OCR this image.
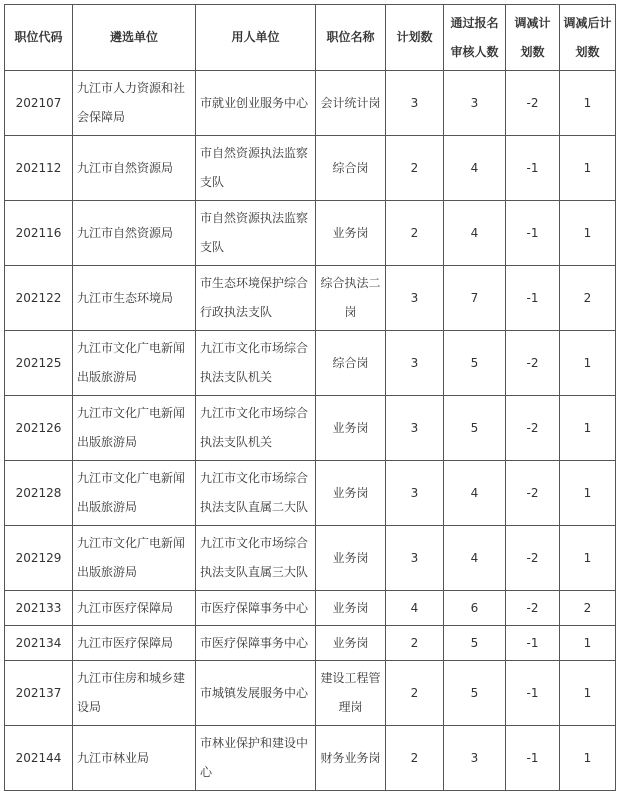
职位代码	遴选单位	用人单位	职位名称	计划数	通过报名审核人数	调减计划数	调减后计划数
202107	九江市人力资源和社会保障局	市就业创业服务中心	会计统计岗	3	3	-2	1
202112	九江市自然资源局	市自然资源执法监察支队	综合岗	2	4	-1	1
202116	九江市自然资源局	市自然资源执法监察支队	业务岗	2	4	-1	1
202122	九江市生态环境局	市生态环境保护综合行政执法支队	综合执法二岗	3	7	-1	2
202125	九江市文化广电新闻出版旅游局	九江市文化市场综合执法支队机关	综合岗	3	5	-2	1
202126	九江市文化广电新闻出版旅游局	九江市文化市场综合执法支队机关	业务岗	3	5	-2	1
202128	九江市文化广电新闻出版旅游局	九江市文化市场综合执法支队直属二大队	业务岗	3	4	-2	1
202129	九江市文化广电新闻出版旅游局	九江市文化市场综合执法支队直属三大队	业务岗	3	4	-2	1
202133	九江市医疗保障局	市医疗保障事务中心	业务岗	4	6	-2	2
202134	九江市医疗保障局	市医疗保障事务中心	业务岗	2	5	-1	1
202137	九江市住房和城乡建设局	市城镇发展服务中心	建设工程管理岗	2	5	-1	1
202144	九江市林业局	市林业保护和建设中心	财务业务岗	2	3	-1	1
